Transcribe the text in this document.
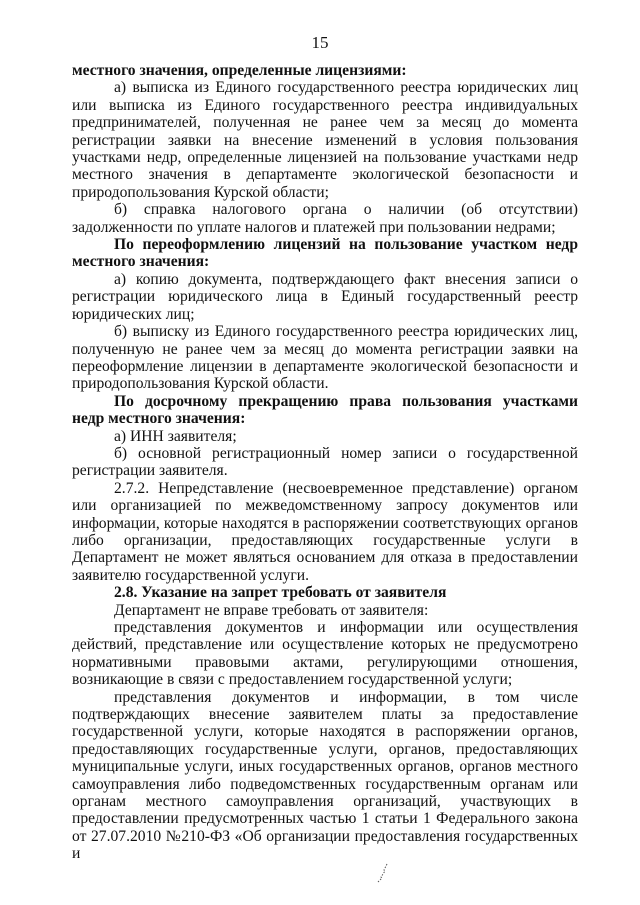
15

местного значения, определенные лицензиями:

а) выписка из Единого государственного реестра юридических лиц или выписка из Единого государственного реестра индивидуальных предпринимателей, полученная не ранее чем за месяц до момента регистрации заявки на внесение изменений в условия пользования участками недр, определенные лицензией на пользование участками недр местного значения в департаменте экологической безопасности и природопользования Курской области;

б) справка налогового органа о наличии (об отсутствии) задолженности по уплате налогов и платежей при пользовании недрами;

По переоформлению лицензий на пользование участком недр местного значения:

а) копию документа, подтверждающего факт внесения записи о регистрации юридического лица в Единый государственный реестр юридических лиц;

б) выписку из Единого государственного реестра юридических лиц, полученную не ранее чем за месяц до момента регистрации заявки на переоформление лицензии в департаменте экологической безопасности и природопользования Курской области.

По досрочному прекращению права пользования участками недр местного значения:

а) ИНН заявителя;

б) основной регистрационный номер записи о государственной регистрации заявителя.

2.7.2. Непредставление (несвоевременное представление) органом или организацией по межведомственному запросу документов или информации, которые находятся в распоряжении соответствующих органов либо организации, предоставляющих государственные услуги в Департамент не может являться основанием для отказа в предоставлении заявителю государственной услуги.

2.8. Указание на запрет требовать от заявителя

Департамент не вправе требовать от заявителя:

представления документов и информации или осуществления действий, представление или осуществление которых не предусмотрено нормативными правовыми актами, регулирующими отношения, возникающие в связи с предоставлением государственной услуги;

представления документов и информации, в том числе подтверждающих внесение заявителем платы за предоставление государственной услуги, которые находятся в распоряжении органов, предоставляющих государственные услуги, органов, предоставляющих муниципальные услуги, иных государственных органов, органов местного самоуправления либо подведомственных государственным органам или органам местного самоуправления организаций, участвующих в предоставлении предусмотренных частью 1 статьи 1 Федерального закона от 27.07.2010 №210-ФЗ «Об организации предоставления государственных и
